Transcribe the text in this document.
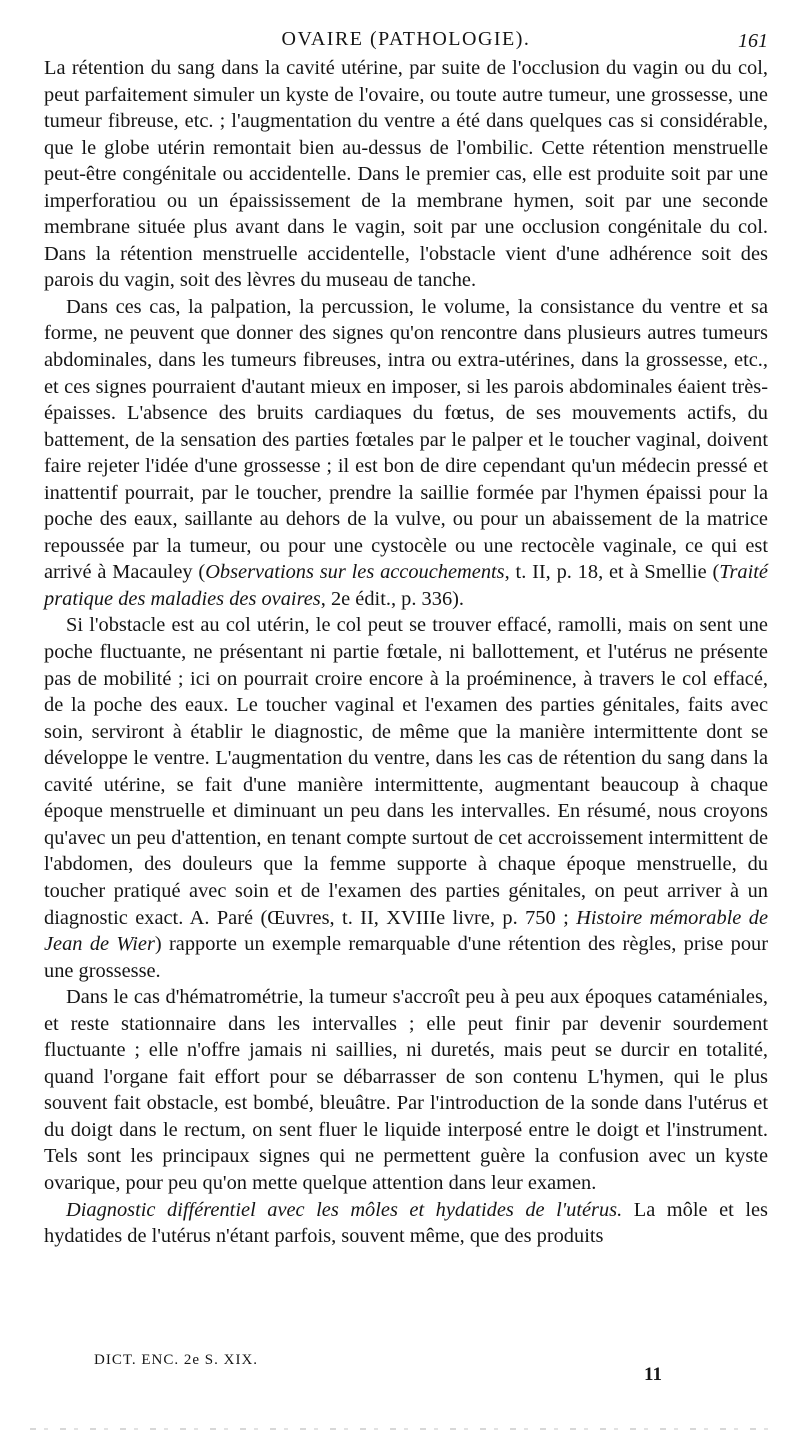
OVAIRE (PATHOLOGIE).	161

La rétention du sang dans la cavité utérine, par suite de l'occlusion du vagin ou du col, peut parfaitement simuler un kyste de l'ovaire, ou toute autre tumeur, une grossesse, une tumeur fibreuse, etc. ; l'augmentation du ventre a été dans quelques cas si considérable, que le globe utérin remontait bien au-dessus de l'ombilic. Cette rétention menstruelle peut-être congénitale ou accidentelle. Dans le premier cas, elle est produite soit par une imperforatiou ou un épaississement de la membrane hymen, soit par une seconde membrane située plus avant dans le vagin, soit par une occlusion congénitale du col. Dans la rétention menstruelle accidentelle, l'obstacle vient d'une adhérence soit des parois du vagin, soit des lèvres du museau de tanche.

Dans ces cas, la palpation, la percussion, le volume, la consistance du ventre et sa forme, ne peuvent que donner des signes qu'on rencontre dans plusieurs autres tumeurs abdominales, dans les tumeurs fibreuses, intra ou extra-utérines, dans la grossesse, etc., et ces signes pourraient d'autant mieux en imposer, si les parois abdominales éaient très-épaisses. L'absence des bruits cardiaques du fœtus, de ses mouvements actifs, du battement, de la sensation des parties fœtales par le palper et le toucher vaginal, doivent faire rejeter l'idée d'une grossesse ; il est bon de dire cependant qu'un médecin pressé et inattentif pourrait, par le toucher, prendre la saillie formée par l'hymen épaissi pour la poche des eaux, saillante au dehors de la vulve, ou pour un abaissement de la matrice repoussée par la tumeur, ou pour une cystocèle ou une rectocèle vaginale, ce qui est arrivé à Macauley (Observations sur les accouchements, t. II, p. 18, et à Smellie (Traité pratique des maladies des ovaires, 2e édit., p. 336).

Si l'obstacle est au col utérin, le col peut se trouver effacé, ramolli, mais on sent une poche fluctuante, ne présentant ni partie fœtale, ni ballottement, et l'utérus ne présente pas de mobilité ; ici on pourrait croire encore à la proéminence, à travers le col effacé, de la poche des eaux. Le toucher vaginal et l'examen des parties génitales, faits avec soin, serviront à établir le diagnostic, de même que la manière intermittente dont se développe le ventre. L'augmentation du ventre, dans les cas de rétention du sang dans la cavité utérine, se fait d'une manière intermittente, augmentant beaucoup à chaque époque menstruelle et diminuant un peu dans les intervalles. En résumé, nous croyons qu'avec un peu d'attention, en tenant compte surtout de cet accroissement intermittent de l'abdomen, des douleurs que la femme supporte à chaque époque menstruelle, du toucher pratiqué avec soin et de l'examen des parties génitales, on peut arriver à un diagnostic exact. A. Paré (Œuvres, t. II, XVIIIe livre, p. 750 ; Histoire mémorable de Jean de Wier) rapporte un exemple remarquable d'une rétention des règles, prise pour une grossesse.

Dans le cas d'hématrométrie, la tumeur s'accroît peu à peu aux époques cataméniales, et reste stationnaire dans les intervalles ; elle peut finir par devenir sourdement fluctuante ; elle n'offre jamais ni saillies, ni duretés, mais peut se durcir en totalité, quand l'organe fait effort pour se débarrasser de son contenu L'hymen, qui le plus souvent fait obstacle, est bombé, bleuâtre. Par l'introduction de la sonde dans l'utérus et du doigt dans le rectum, on sent fluer le liquide interposé entre le doigt et l'instrument. Tels sont les principaux signes qui ne permettent guère la confusion avec un kyste ovarique, pour peu qu'on mette quelque attention dans leur examen.

Diagnostic différentiel avec les môles et hydatides de l'utérus. La môle et les hydatides de l'utérus n'étant parfois, souvent même, que des produits

DICT. ENC. 2e S. XIX.
11
